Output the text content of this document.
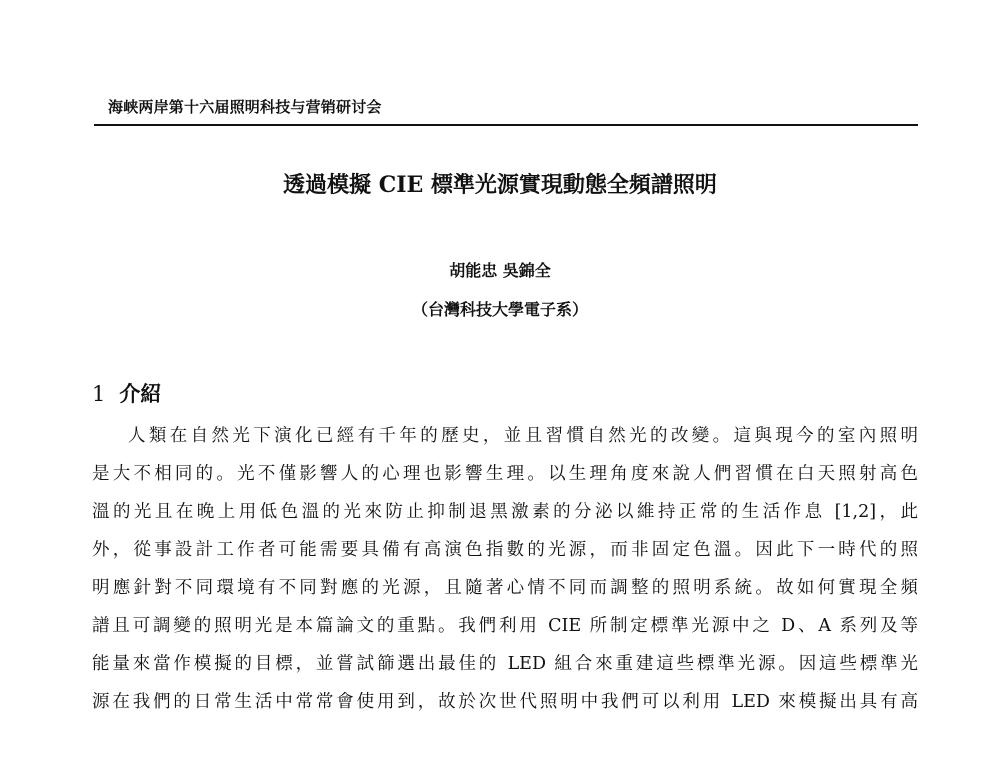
海峡两岸第十六届照明科技与营销研讨会
透過模擬 CIE 標準光源實現動態全頻譜照明
胡能忠 吳錦全
（台灣科技大學電子系）
1 介紹
人類在自然光下演化已經有千年的歷史，並且習慣自然光的改變。這與現今的室內照明
是大不相同的。光不僅影響人的心理也影響生理。以生理角度來說人們習慣在白天照射高色
溫的光且在晚上用低色溫的光來防止抑制退黑激素的分泌以維持正常的生活作息 [1,2]，此
外，從事設計工作者可能需要具備有高演色指數的光源，而非固定色溫。因此下一時代的照
明應針對不同環境有不同對應的光源，且隨著心情不同而調整的照明系統。故如何實現全頻
譜且可調變的照明光是本篇論文的重點。我們利用 CIE 所制定標準光源中之 D、A 系列及等
能量來當作模擬的目標，並嘗試篩選出最佳的 LED 組合來重建這些標準光源。因這些標準光
源在我們的日常生活中常常會使用到，故於次世代照明中我們可以利用 LED 來模擬出具有高
